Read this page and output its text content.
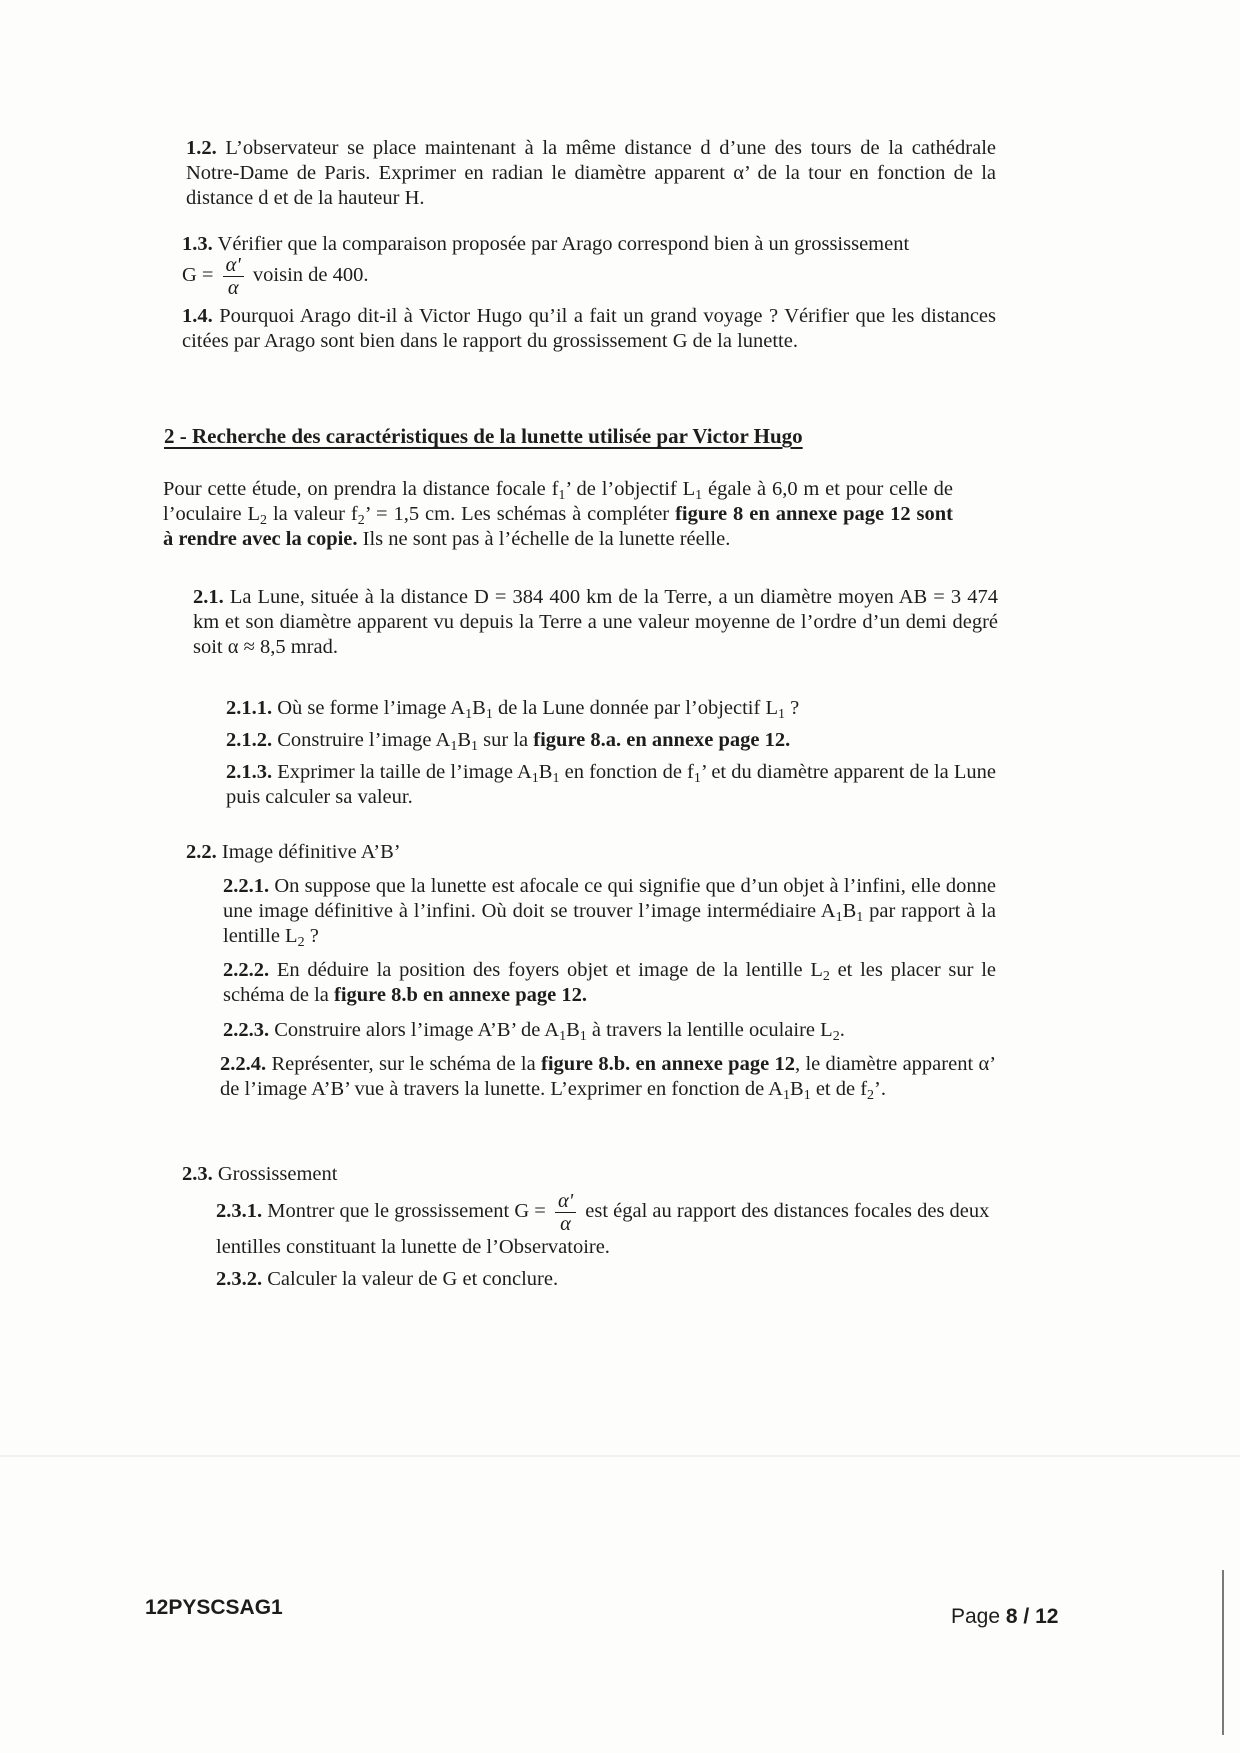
1.2. L’observateur se place maintenant à la même distance d d’une des tours de la cathédrale Notre-Dame de Paris. Exprimer en radian le diamètre apparent α’ de la tour en fonction de la distance d et de la hauteur H.
1.3. Vérifier que la comparaison proposée par Arago correspond bien à un grossissement
$G = \frac{\alpha'}{\alpha}$ voisin de 400.
1.4. Pourquoi Arago dit-il à Victor Hugo qu’il a fait un grand voyage ? Vérifier que les distances citées par Arago sont bien dans le rapport du grossissement G de la lunette.
2 - Recherche des caractéristiques de la lunette utilisée par Victor Hugo
Pour cette étude, on prendra la distance focale $f_1$’ de l’objectif $L_1$ égale à 6,0 m et pour celle de l’oculaire $L_2$ la valeur $f_2$’ = 1,5 cm. Les schémas à compléter figure 8 en annexe page 12 sont à rendre avec la copie. Ils ne sont pas à l’échelle de la lunette réelle.
2.1. La Lune, située à la distance D = 384 400 km de la Terre, a un diamètre moyen AB = 3 474 km et son diamètre apparent vu depuis la Terre a une valeur moyenne de l’ordre d’un demi degré soit α ≈ 8,5 mrad.
2.1.1. Où se forme l’image $A_1B_1$ de la Lune donnée par l’objectif $L_1$ ?
2.1.2. Construire l’image $A_1B_1$ sur la figure 8.a. en annexe page 12.
2.1.3. Exprimer la taille de l’image $A_1B_1$ en fonction de $f_1$’ et du diamètre apparent de la Lune puis calculer sa valeur.
2.2. Image définitive A’B’
2.2.1. On suppose que la lunette est afocale ce qui signifie que d’un objet à l’infini, elle donne une image définitive à l’infini. Où doit se trouver l’image intermédiaire $A_1B_1$ par rapport à la lentille $L_2$ ?
2.2.2. En déduire la position des foyers objet et image de la lentille $L_2$ et les placer sur le schéma de la figure 8.b en annexe page 12.
2.2.3. Construire alors l’image A’B’ de $A_1B_1$ à travers la lentille oculaire $L_2$.
2.2.4. Représenter, sur le schéma de la figure 8.b. en annexe page 12, le diamètre apparent α’ de l’image A’B’ vue à travers la lunette. L’exprimer en fonction de $A_1B_1$ et de $f_2$’.
2.3. Grossissement
2.3.1. Montrer que le grossissement $G = \frac{\alpha'}{\alpha}$ est égal au rapport des distances focales des deux lentilles constituant la lunette de l’Observatoire.
2.3.2. Calculer la valeur de G et conclure.
12PYSCSAG1	Page 8 / 12
